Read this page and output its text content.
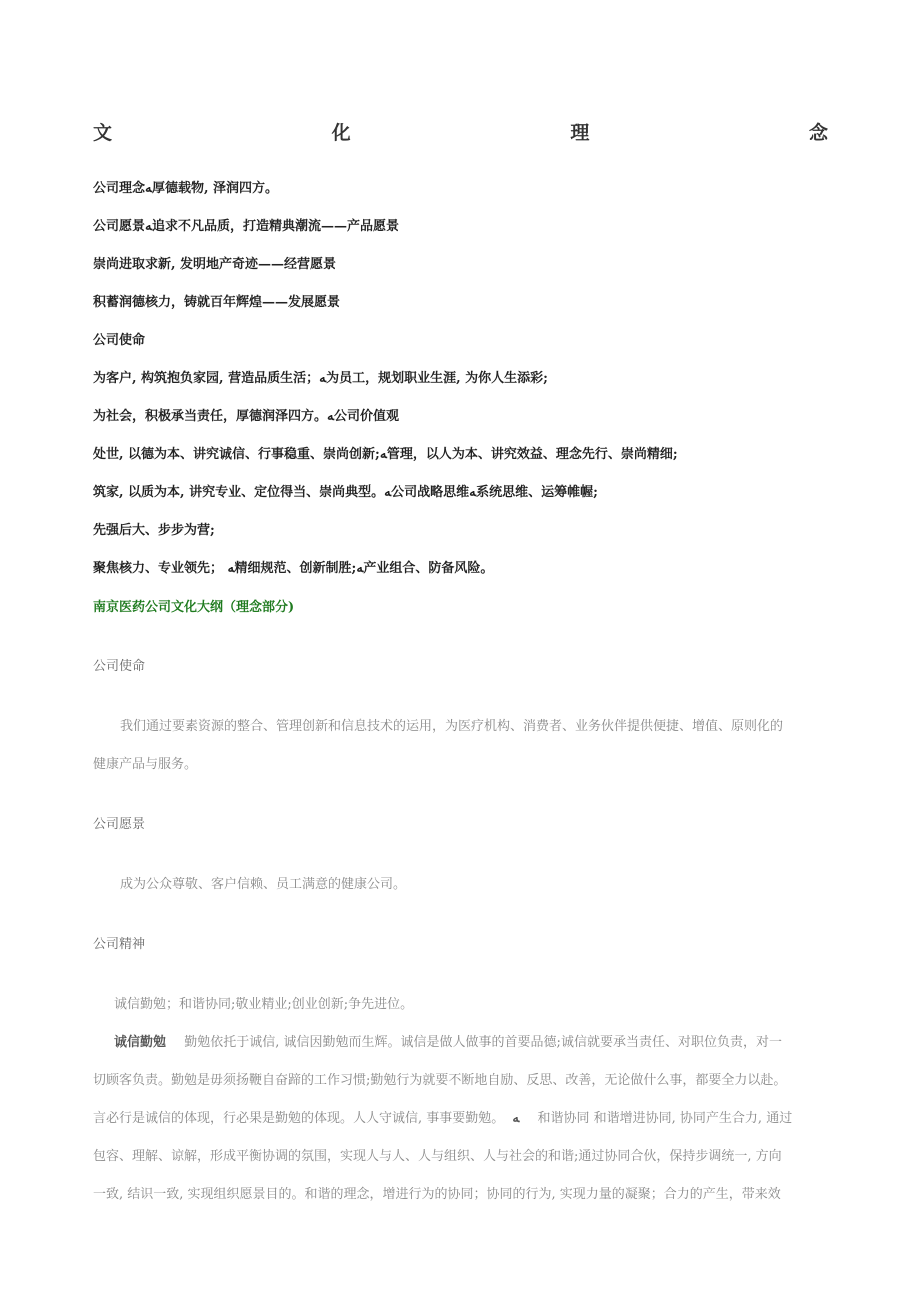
文	化	理	念
公司理念ﻪ厚德载物, 泽润四方。
公司愿景ﻪ追求不凡品质，打造精典潮流——产品愿景
崇尚进取求新, 发明地产奇迹——经营愿景
积蓄润德核力，铸就百年辉煌——发展愿景
公司使命
为客户, 构筑抱负家园, 营造品质生活；ﻪ为员工，规划职业生涯, 为你人生添彩;
为社会，积极承当责任，厚德润泽四方。ﻪ公司价值观
处世, 以德为本、讲究诚信、行事稳重、崇尚创新;ﻪ管理，以人为本、讲究效益、理念先行、崇尚精细;
筑家, 以质为本, 讲究专业、定位得当、崇尚典型。ﻪ公司战略思维ﻪ系统思维、运筹帷幄;
先强后大、步步为营;
聚焦核力、专业领先； ﻪ精细规范、创新制胜;ﻪ产业组合、防备风险。
南京医药公司文化大纲（理念部分)
公司使命
我们通过要素资源的整合、管理创新和信息技术的运用，为医疗机构、消费者、业务伙伴提供便捷、增值、原则化的
健康产品与服务。
公司愿景
成为公众尊敬、客户信赖、员工满意的健康公司。
公司精神
诚信勤勉；和谐协同;敬业精业;创业创新;争先进位。
诚信勤勉 勤勉依托于诚信, 诚信因勤勉而生辉。诚信是做人做事的首要品德;诚信就要承当责任、对职位负责，对一
切顾客负责。勤勉是毋须扬鞭自奋蹄的工作习惯;勤勉行为就要不断地自励、反思、改善，无论做什么事，都要全力以赴。
言必行是诚信的体现，行必果是勤勉的体现。人人守诚信, 事事要勤勉。 ﻪ 和谐协同 和谐增进协同, 协同产生合力, 通过
包容、理解、谅解，形成平衡协调的氛围，实现人与人、人与组织、人与社会的和谐;通过协同合伙，保持步调统一, 方向
一致, 结识一致, 实现组织愿景目的。和谐的理念，增进行为的协同；协同的行为, 实现力量的凝聚；合力的产生，带来效
